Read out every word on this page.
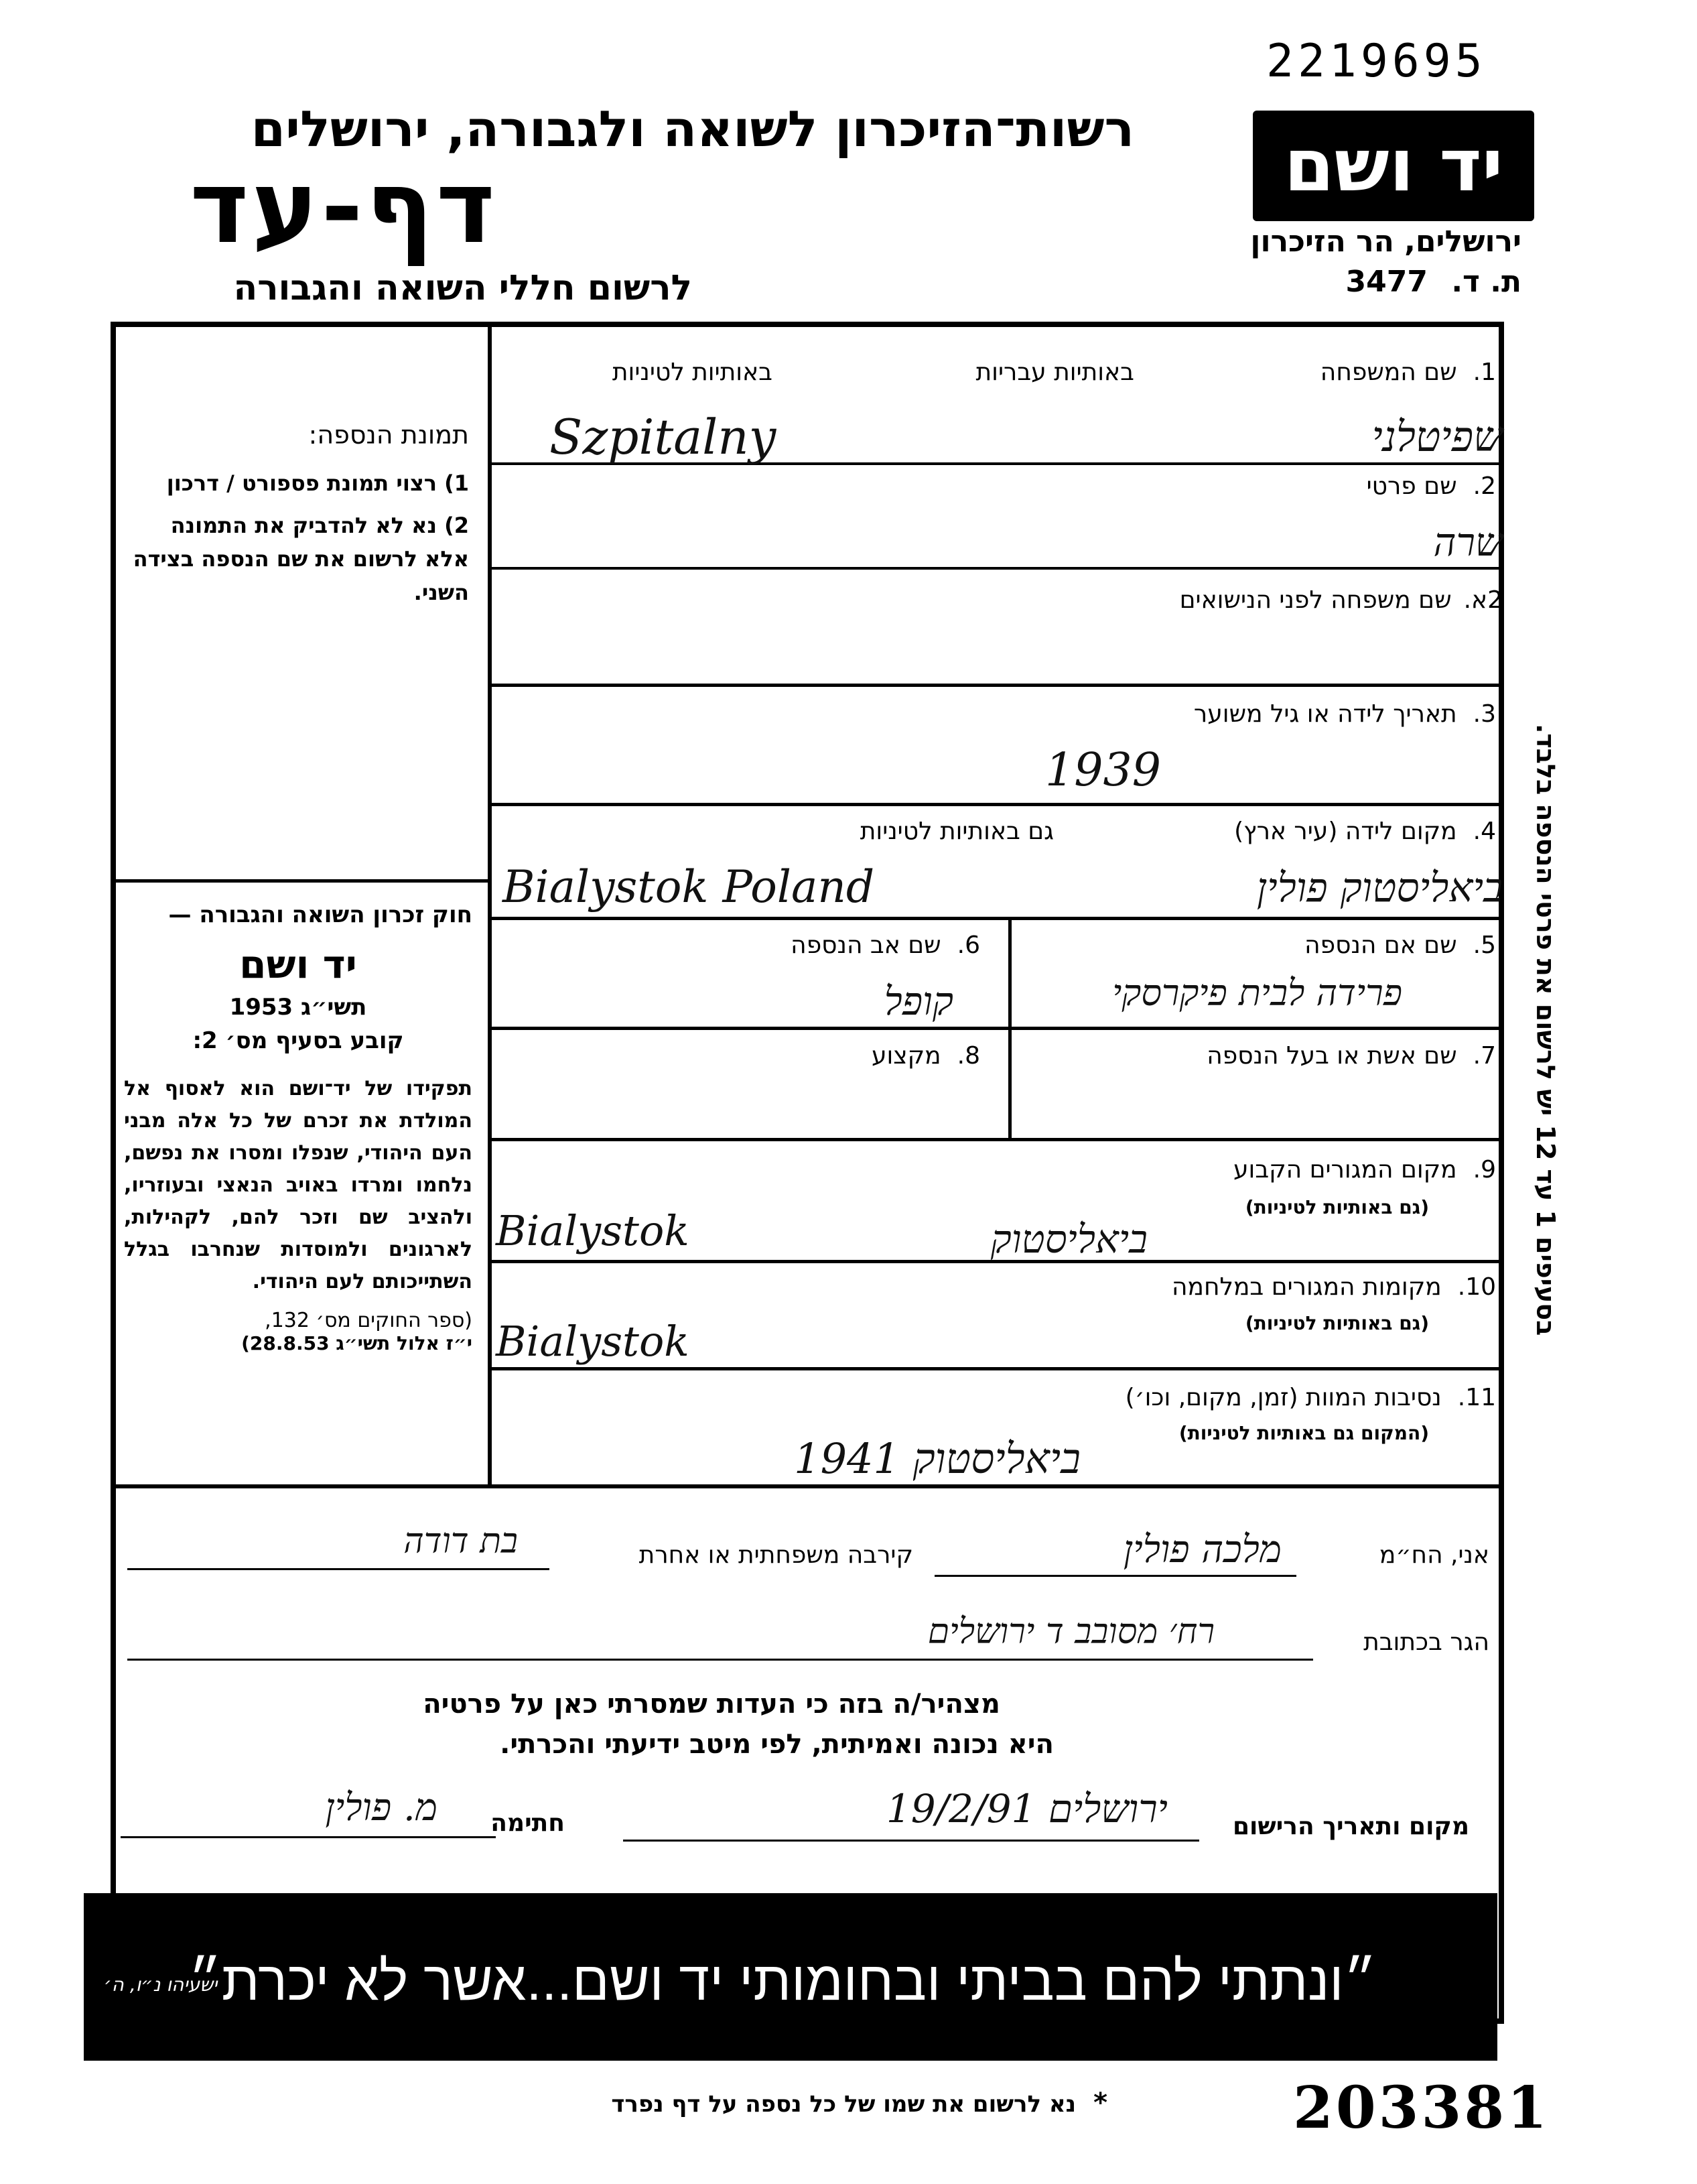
2219695
רשות־הזיכרון לשואה ולגבורה, ירושלים
דף-עד
לרשום חללי השואה והגבורה
יד ושם
ירושלים, הר הזיכרון
ת. ד. 3477
תמונת הנספה:
1) רצוי תמונת פספורט / דרכון
2) נא לא להדביק את התמונה אלא לרשום את שם הנספה בצידה השני.
חוק זכרון השואה והגבורה —
יד ושם
תשי״ג 1953
קובע בסעיף מס׳ 2:
תפקידו של יד־ושם הוא לאסוף אל המולדת את זכרם של כל אלה מבני העם היהודי, שנפלו ומסרו את נפשם, נלחמו ומרדו באויב הנאצי ובעוזריו, ולהציב שם וזכר להם, לקהילות, לארגונים ולמוסדות שנחרבו בגלל השתייכותם לעם היהודי.
(ספר החוקים מס׳ 132,
י״ז אלול תשי״ג 28.8.53)
1.שם המשפחה
באותיות עבריות
באותיות לטיניות
שפיטלני
Szpitalny
2.שם פרטי
שרה
2א.שם משפחה לפני הנישואים
3.תאריך לידה או גיל משוער
1939
4.מקום לידה (עיר ארץ)
גם באותיות לטיניות
ביאליסטוק פולין
Bialystok Poland
5.שם אם הנספה
פרידה לבית פיקרסקי
6.שם אב הנספה
קופל
7.שם אשת או בעל הנספה
8.מקצוע
9.מקום המגורים הקבוע
(גם באותיות לטיניות)
ביאליסטוק
Bialystok
10.מקומות המגורים במלחמה
(גם באותיות לטיניות)
Bialystok
11.נסיבות המוות (זמן, מקום, וכו׳)
(המקום גם באותיות לטיניות)
ביאליסטוק 1941
בסעיפים 1 עד 12 יש לרשום את פרטי הנספה בלבד.
אני, הח״מ
מלכה פולין
קירבה משפחתית או אחרת
בת דודה
הגר בכתובת
רח׳ מסובב ד ירושלים
מצהיר/ה בזה כי העדות שמסרתי כאן על פרטיה
היא נכונה ואמיתית, לפי מיטב ידיעתי והכרתי.
מקום ותאריך הרישום
ירושלים 19/2/91
חתימה
מ. פולין
״ונתתי להם בביתי ובחומותי יד ושם...אשר לא יכרת״
ישעיהו נ״ו, ה׳
*נא לרשום את שמו של כל נספה על דף נפרד	203381
